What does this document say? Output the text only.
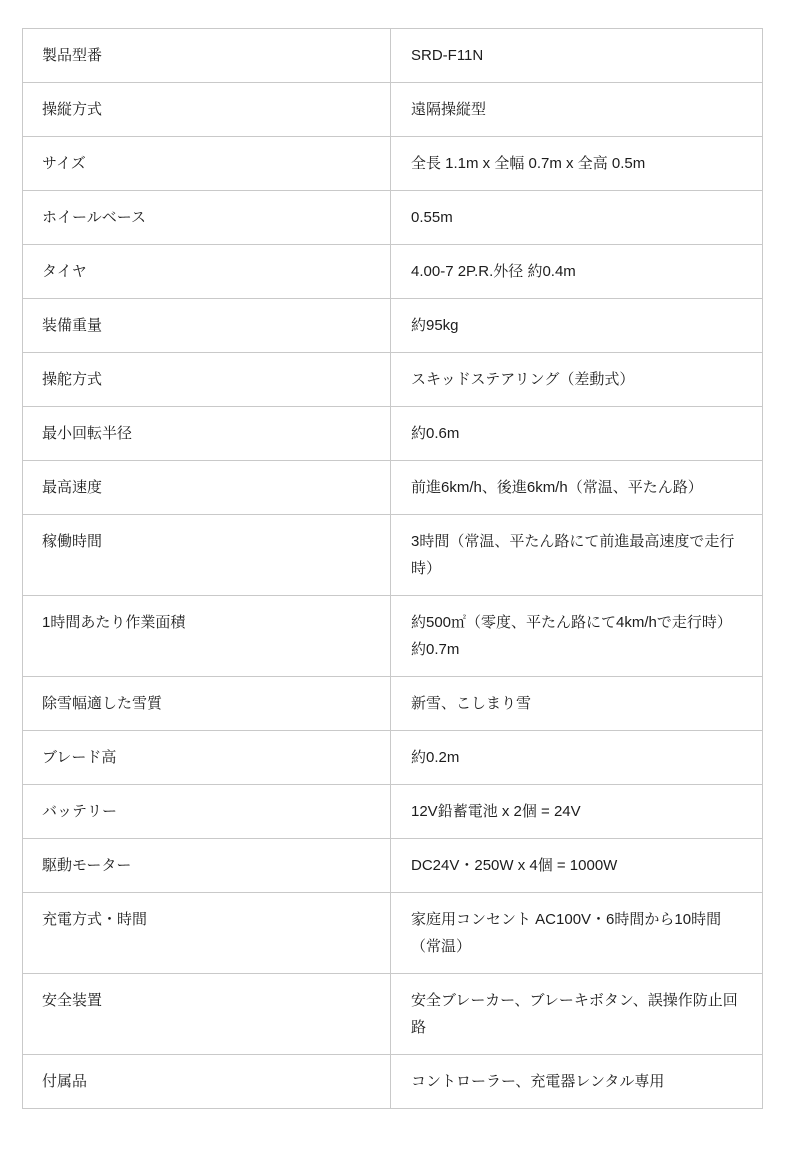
製品型番	SRD-F11N
操縦方式	遠隔操縦型
サイズ	全長 1.1m x 全幅 0.7m x 全高 0.5m
ホイールベース	0.55m
タイヤ	4.00-7 2P.R.外径 約0.4m
装備重量	約95kg
操舵方式	スキッドステアリング（差動式）
最小回転半径	約0.6m
最高速度	前進6km/h、後進6km/h（常温、平たん路）
稼働時間	3時間（常温、平たん路にて前進最高速度で走行時）
1時間あたり作業面積	約500㎡（零度、平たん路にて4km/hで走行時）約0.7m
除雪幅適した雪質	新雪、こしまり雪
ブレード高	約0.2m
バッテリー	12V鉛蓄電池 x 2個 = 24V
駆動モーター	DC24V・250W x 4個 = 1000W
充電方式・時間	家庭用コンセント AC100V・6時間から10時間（常温）
安全装置	安全ブレーカー、ブレーキボタン、誤操作防止回路
付属品	コントローラー、充電器レンタル専用
